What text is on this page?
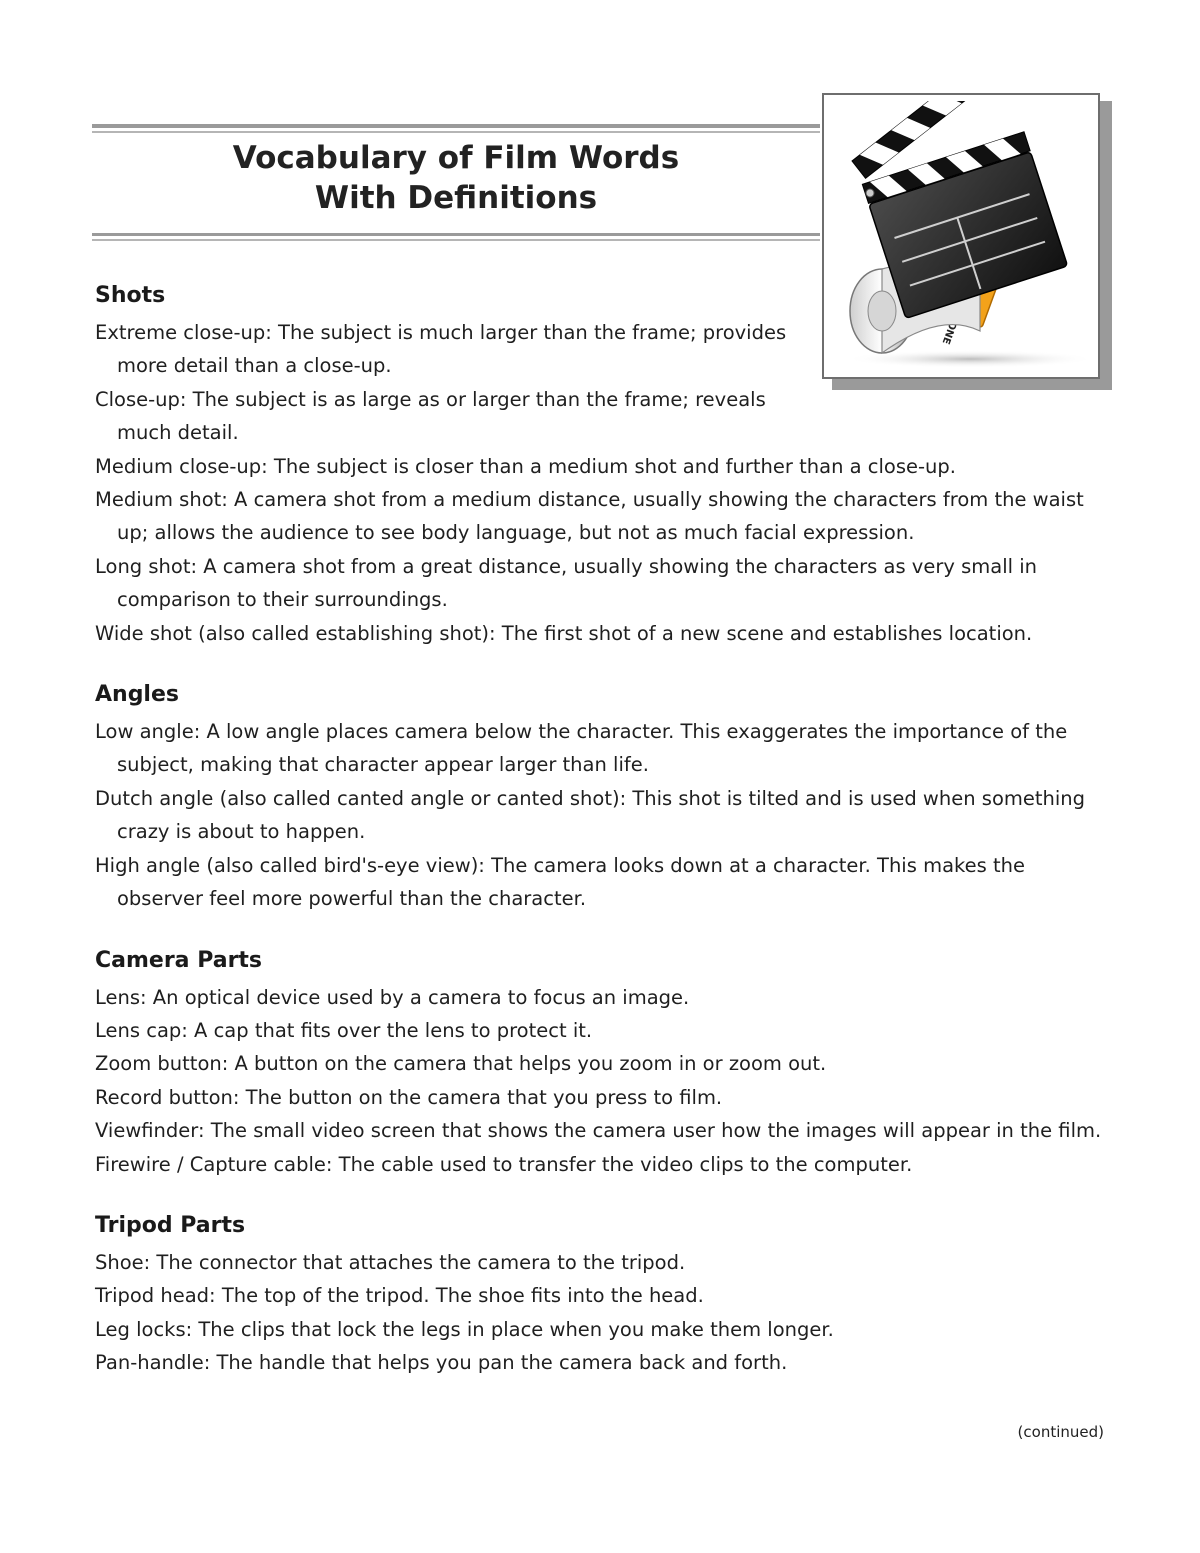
Vocabulary of Film Words
With Definitions
Shots
Extreme close-up: The subject is much larger than the frame; provides more detail than a close-up.
Close-up: The subject is as large as or larger than the frame; reveals much detail.
Medium close-up: The subject is closer than a medium shot and further than a close-up.
Medium shot: A camera shot from a medium distance, usually showing the characters from the waist up; allows the audience to see body language, but not as much facial expression.
Long shot: A camera shot from a great distance, usually showing the characters as very small in comparison to their surroundings.
Wide shot (also called establishing shot): The first shot of a new scene and establishes location.
Angles
Low angle: A low angle places camera below the character. This exaggerates the importance of the subject, making that character appear larger than life.
Dutch angle (also called canted angle or canted shot): This shot is tilted and is used when something crazy is about to happen.
High angle (also called bird's-eye view): The camera looks down at a character. This makes the observer feel more powerful than the character.
Camera Parts
Lens: An optical device used by a camera to focus an image.
Lens cap: A cap that fits over the lens to protect it.
Zoom button: A button on the camera that helps you zoom in or zoom out.
Record button: The button on the camera that you press to film.
Viewfinder: The small video screen that shows the camera user how the images will appear in the film.
Firewire / Capture cable: The cable used to transfer the video clips to the computer.
Tripod Parts
Shoe: The connector that attaches the camera to the tripod.
Tripod head: The top of the tripod. The shoe fits into the head.
Leg locks: The clips that lock the legs in place when you make them longer.
Pan-handle: The handle that helps you pan the camera back and forth.
(continued)
